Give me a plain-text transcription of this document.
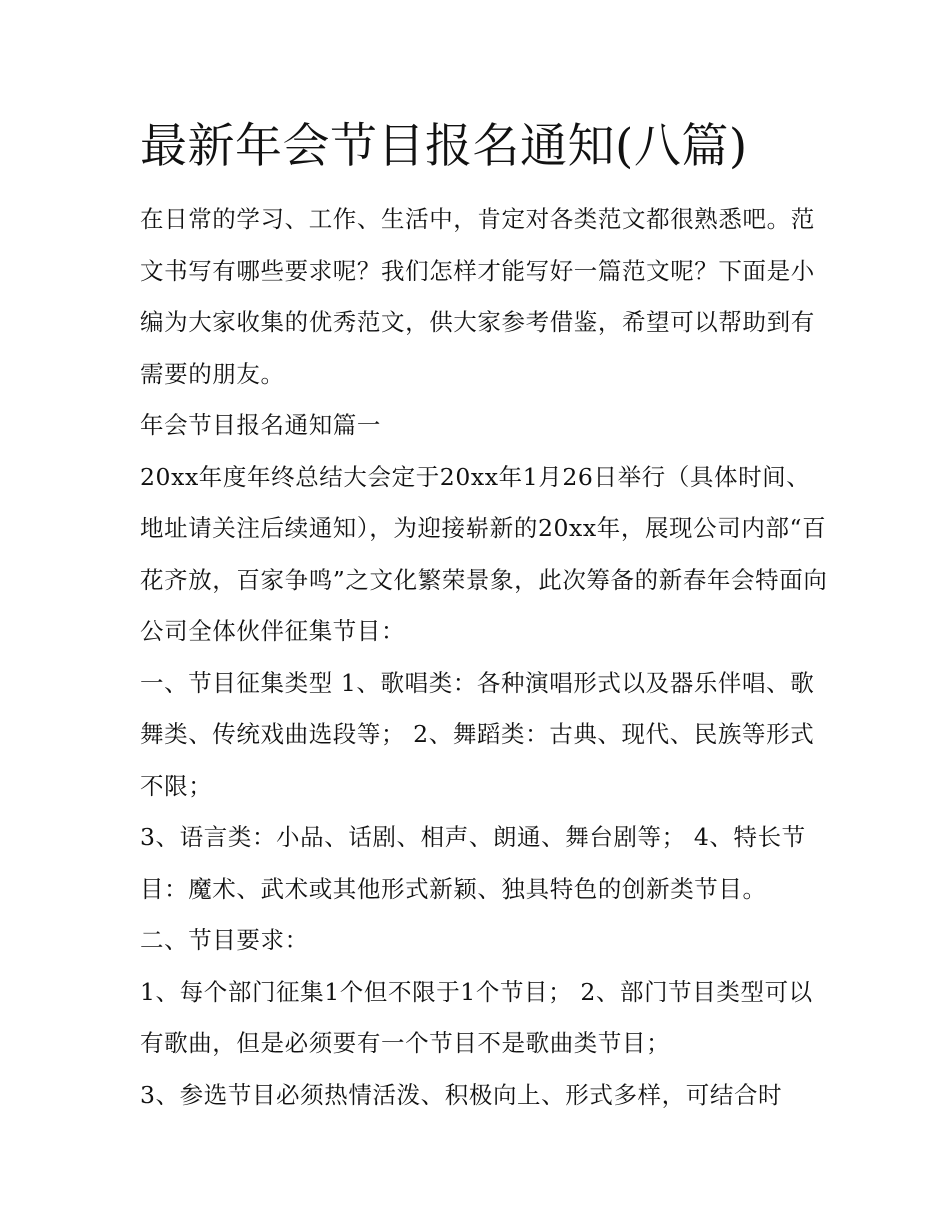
最新年会节目报名通知(八篇)

在日常的学习、工作、生活中，肯定对各类范文都很熟悉吧。范文书写有哪些要求呢？我们怎样才能写好一篇范文呢？下面是小编为大家收集的优秀范文，供大家参考借鉴，希望可以帮助到有需要的朋友。

年会节目报名通知篇一

20xx年度年终总结大会定于20xx年1月26日举行（具体时间、地址请关注后续通知），为迎接崭新的20xx年，展现公司内部“百花齐放，百家争鸣”之文化繁荣景象，此次筹备的新春年会特面向公司全体伙伴征集节目：

一、节目征集类型 1、歌唱类：各种演唱形式以及器乐伴唱、歌舞类、传统戏曲选段等； 2、舞蹈类：古典、现代、民族等形式不限；

3、语言类：小品、话剧、相声、朗通、舞台剧等； 4、特长节目：魔术、武术或其他形式新颖、独具特色的创新类节目。

二、节目要求：

1、每个部门征集1个但不限于1个节目； 2、部门节目类型可以有歌曲，但是必须要有一个节目不是歌曲类节目；

3、参选节目必须热情活泼、积极向上、形式多样，可结合时
